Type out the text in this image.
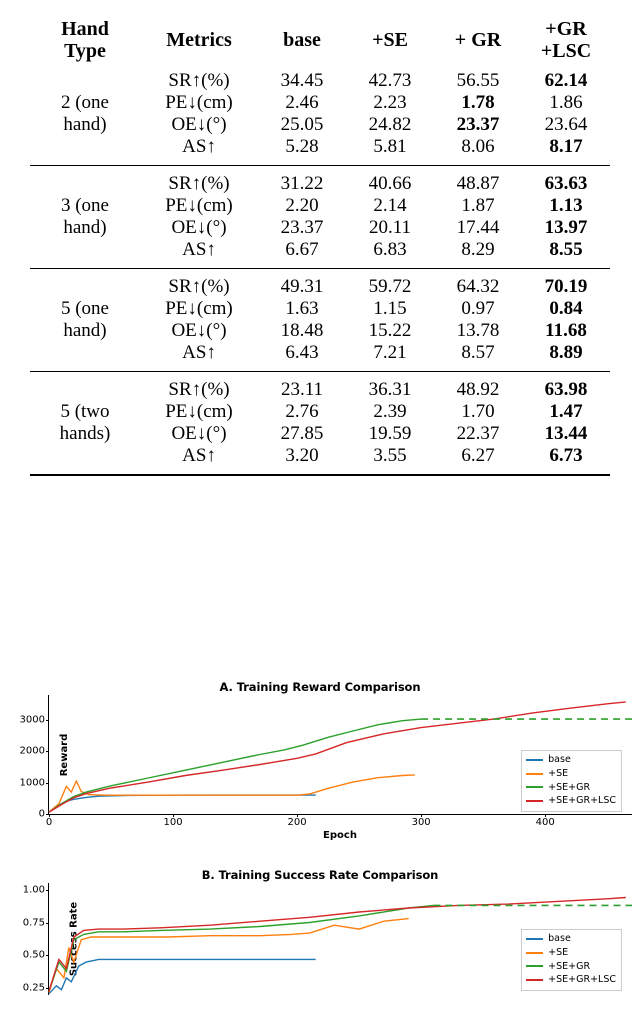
Hand
Type	Metrics	base	+SE	+ GR	+GR
+LSC

	SR↑(%)	34.45	42.73	56.55	62.14
2 (one
hand)	PE↓(cm)	2.46	2.23	1.78	1.86
	OE↓(°)	25.05	24.82	23.37	23.64
	AS↑	5.28	5.81	8.06	8.17

	SR↑(%)	31.22	40.66	48.87	63.63
3 (one
hand)	PE↓(cm)	2.20	2.14	1.87	1.13
	OE↓(°)	23.37	20.11	17.44	13.97
	AS↑	6.67	6.83	8.29	8.55

	SR↑(%)	49.31	59.72	64.32	70.19
5 (one
hand)	PE↓(cm)	1.63	1.15	0.97	0.84
	OE↓(°)	18.48	15.22	13.78	11.68
	AS↑	6.43	7.21	8.57	8.89

	SR↑(%)	23.11	36.31	48.92	63.98
5 (two
hands)	PE↓(cm)	2.76	2.39	1.70	1.47
	OE↓(°)	27.85	19.59	22.37	13.44
	AS↑	3.20	3.55	6.27	6.73

A. Training Reward Comparison
Reward	base
+SE
+SE+GR
+SE+GR+LSC
0
1000
2000
3000
0	100	200	300	400
Epoch
B. Training Success Rate Comparison
Success Rate	base
+SE
+SE+GR
+SE+GR+LSC
0.25
0.50
0.75
1.00
